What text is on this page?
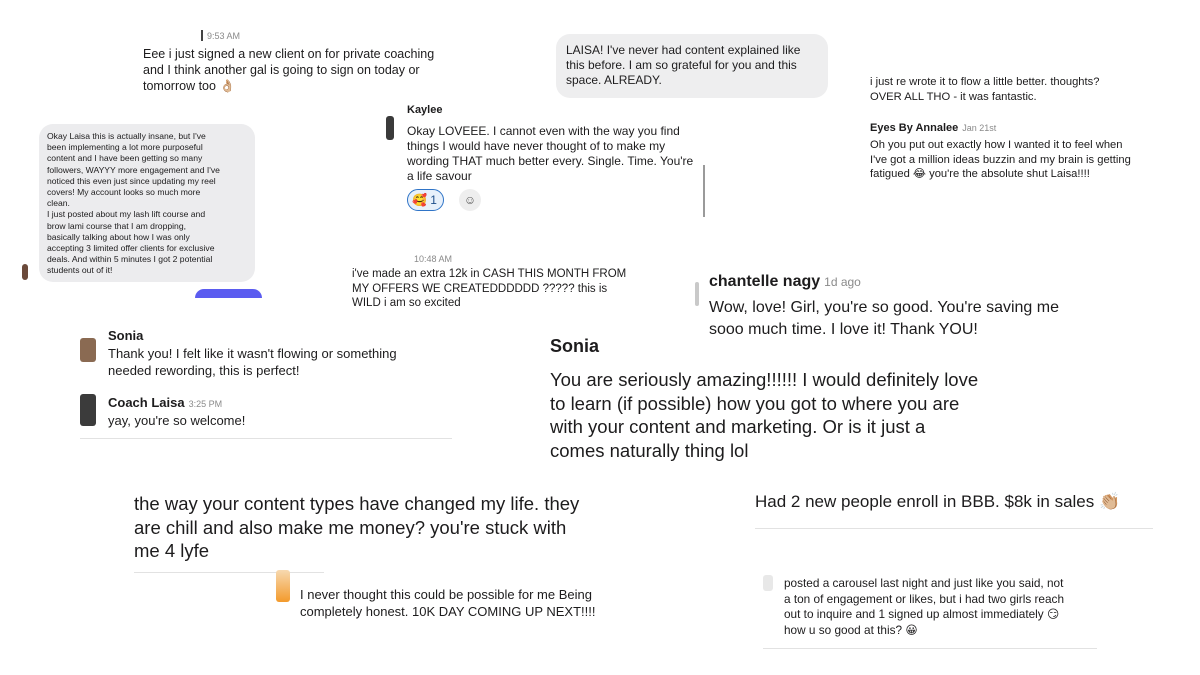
9:53 AM
Eee i just signed a new client on for private coaching
and I think another gal is going to sign on today or
tomorrow too 👌🏼
LAISA! I've never had content explained like
this before. I am so grateful for you and this
space. ALREADY.	i just re wrote it to flow a little better. thoughts?
OVER ALL THO - it was fantastic.
Eyes By Annalee Jan 21st
Oh you put out exactly how I wanted it to feel when
I've got a million ideas buzzin and my brain is getting
fatigued 😂 you're the absolute shut Laisa!!!!
Okay Laisa this is actually insane, but I've
been implementing a lot more purposeful
content and I have been getting so many
followers, WAYYY more engagement and I've
noticed this even just since updating my reel
covers! My account looks so much more
clean.
I just posted about my lash lift course and
brow lami course that I am dropping,
basically talking about how I was only
accepting 3 limited offer clients for exclusive
deals. And within 5 minutes I got 2 potential
students out of it!
Kaylee
Okay LOVEEE. I cannot even with the way you find
things I would have never thought of to make my
wording THAT much better every. Single. Time. You're
a life savour
🥰 1	☺
10:48 AM
i've made an extra 12k in CASH THIS MONTH FROM
MY OFFERS WE CREATEDDDDDD ????? this is
WILD i am so excited
chantelle nagy 1d ago
Wow, love! Girl, you're so good. You're saving me
sooo much time. I love it! Thank YOU!
Sonia
Thank you! I felt like it wasn't flowing or something
needed rewording, this is perfect!
Coach Laisa 3:25 PM
yay, you're so welcome!
Sonia
You are seriously amazing!!!!!! I would definitely love
to learn (if possible) how you got to where you are
with your content and marketing. Or is it just a
comes naturally thing lol
the way your content types have changed my life. they
are chill and also make me money? you're stuck with
me 4 lyfe
Had 2 new people enroll in BBB. $8k in sales 👏🏼
I never thought this could be possible for me Being
completely honest. 10K DAY COMING UP NEXT!!!!
posted a carousel last night and just like you said, not
a ton of engagement or likes, but i had two girls reach
out to inquire and 1 signed up almost immediately 😏
how u so good at this? 😀
